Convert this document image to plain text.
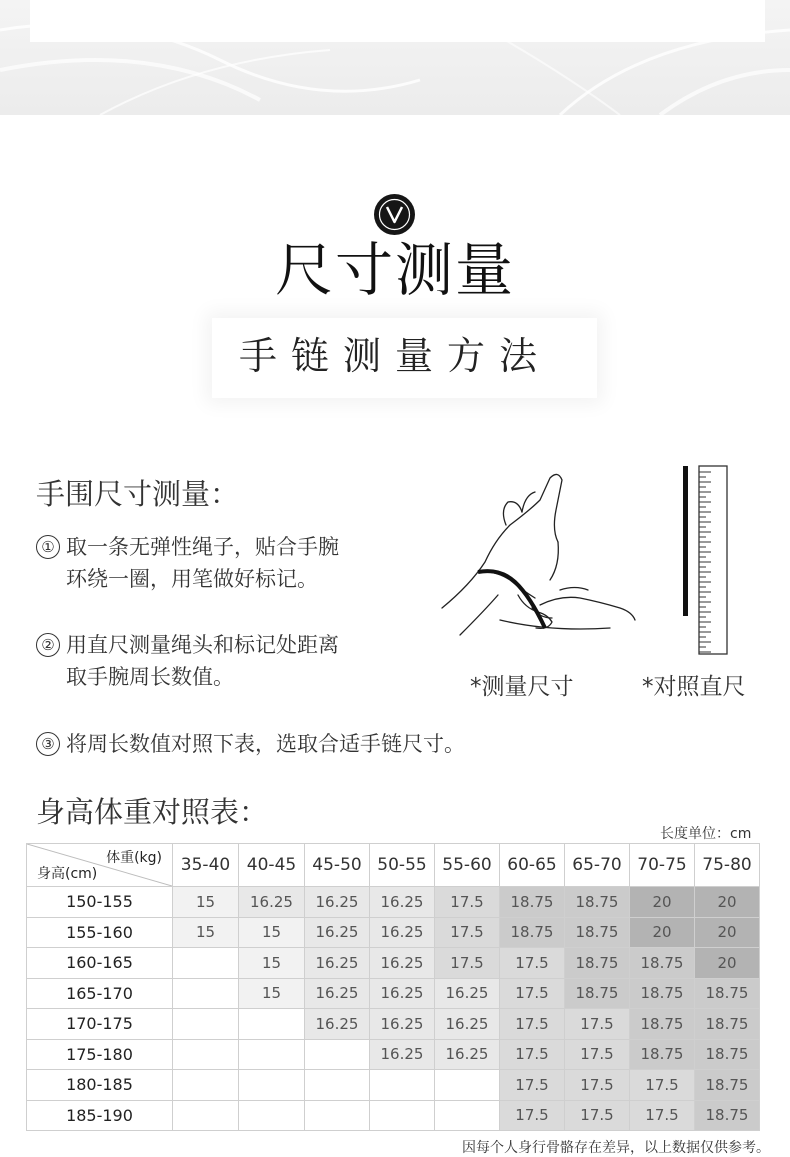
尺寸测量
手链测量方法
手围尺寸测量：
① 取一条无弹性绳子，贴合手腕
环绕一圈，用笔做好标记。
② 用直尺测量绳头和标记处距离
取手腕周长数值。
③ 将周长数值对照下表，选取合适手链尺寸。
*测量尺寸	*对照直尺
身高体重对照表：
长度单位：cm
体重(kg)
身高(cm)	35-40	40-45	45-50	50-55	55-60	60-65	65-70	70-75	75-80
150-155	15	16.25	16.25	16.25	17.5	18.75	18.75	20	20
155-160	15	15	16.25	16.25	17.5	18.75	18.75	20	20
160-165		15	16.25	16.25	17.5	17.5	18.75	18.75	20
165-170		15	16.25	16.25	16.25	17.5	18.75	18.75	18.75
170-175			16.25	16.25	16.25	17.5	17.5	18.75	18.75
175-180				16.25	16.25	17.5	17.5	18.75	18.75
180-185						17.5	17.5	17.5	18.75
185-190						17.5	17.5	17.5	18.75
因每个人身行骨骼存在差异，以上数据仅供参考。
